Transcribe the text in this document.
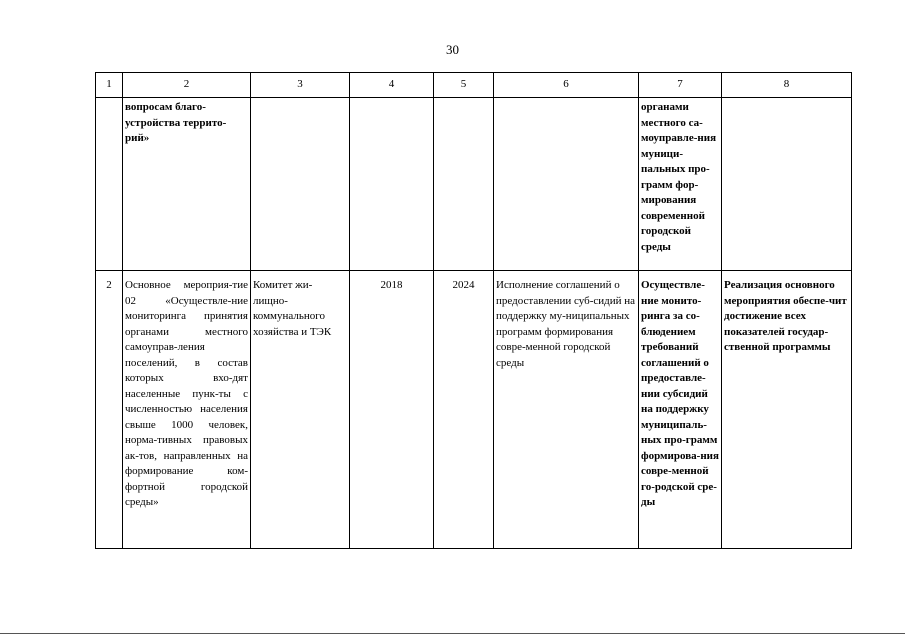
30
1	2	3	4	5	6	7	8
	вопросам благо-устройства террито-рий»					органами местного са-моуправле-ния муници-пальных про-грамм фор-мирования современной городской среды	
2	Основное мероприя-тие 02 «Осуществле-ние мониторинга принятия органами местного самоуправ-ления поселений, в состав которых вхо-дят населенные пунк-ты с численностью населения свыше 1000 человек, норма-тивных правовых ак-тов, направленных на формирование ком-фортной городской среды»	Комитет жи-лищно-коммунального хозяйства и ТЭК	2018	2024	Исполнение соглашений о предоставлении суб-сидий на поддержку му-ниципальных программ формирования совре-менной городской среды	Осуществле-ние монито-ринга за со-блюдением требований соглашений о предоставле-нии субсидий на поддержку муниципаль-ных про-грамм формирова-ния совре-менной го-родской сре-ды	Реализация основного мероприятия обеспе-чит достижение всех показателей государ-ственной программы
